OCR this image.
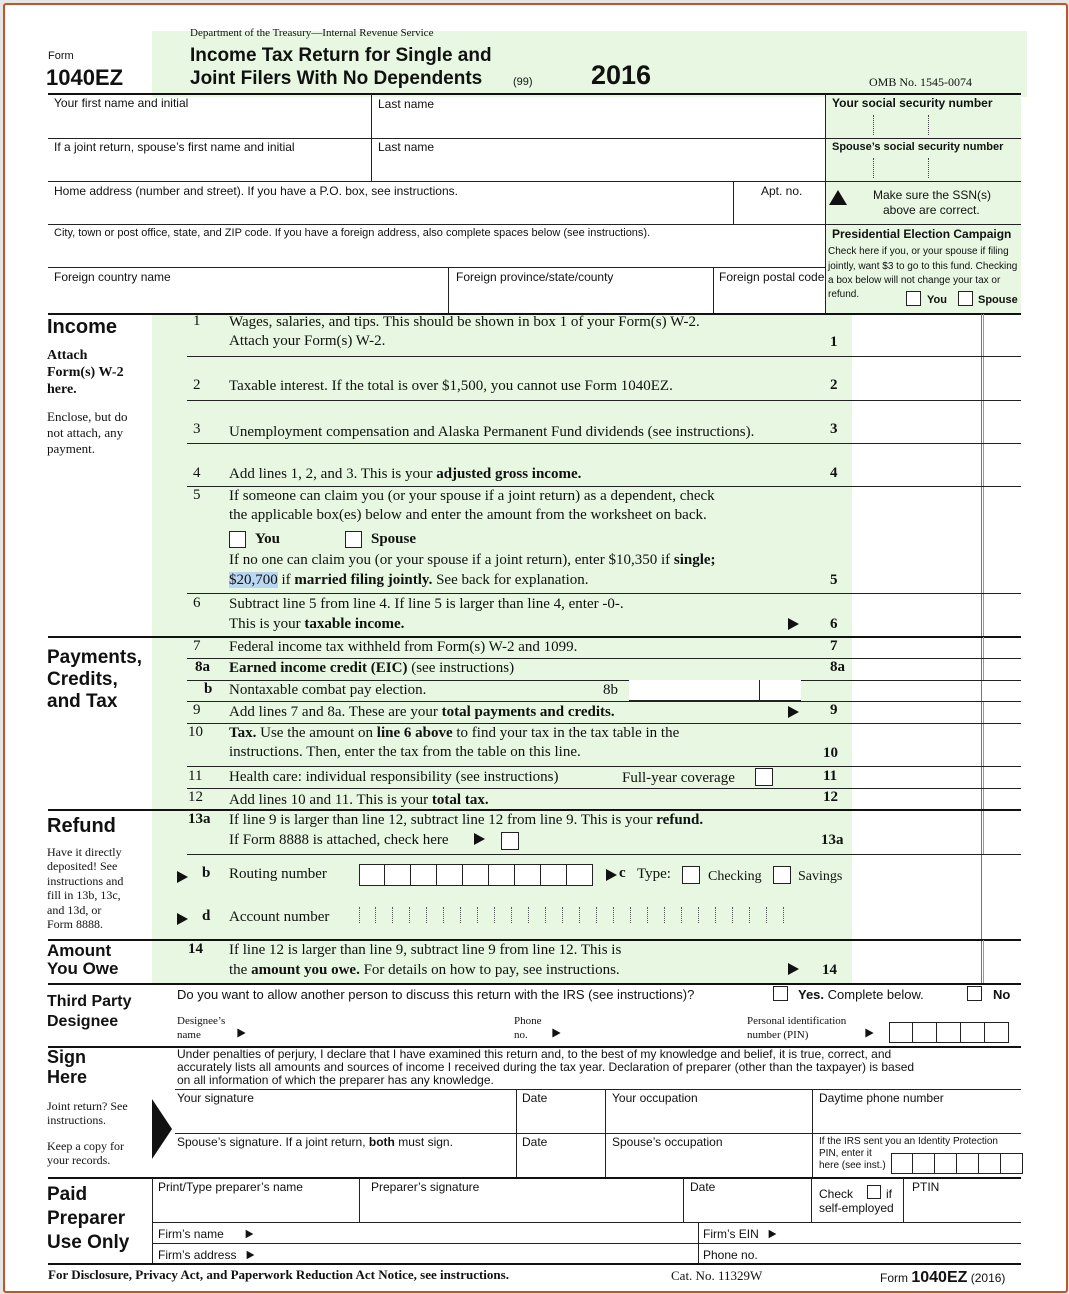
Form
1040EZ
Department of the Treasury—Internal Revenue Service
Income Tax Return for Single and
Joint Filers With No Dependents	(99) 2016	OMB No. 1545-0074
Your first name and initial	Last name	Your social security number
If a joint return, spouse’s first name and initial	Last name	Spouse’s social security number
Home address (number and street). If you have a P.O. box, see instructions.	Apt. no.	Make sure the SSN(s)
above are correct.
City, town or post office, state, and ZIP code. If you have a foreign address, also complete spaces below (see instructions).	Presidential Election Campaign
Check here if you, or your spouse if filing
jointly, want $3 to go to this fund. Checking
a box below will not change your tax or
refund.	You	Spouse
Foreign country name	Foreign province/state/county	Foreign postal code
Income
Attach
Form(s) W-2
here.
Enclose, but do
not attach, any
payment.
1 Wages, salaries, and tips. This should be shown in box 1 of your Form(s) W-2.
Attach your Form(s) W-2.	1
2 Taxable interest. If the total is over $1,500, you cannot use Form 1040EZ.	2
3 Unemployment compensation and Alaska Permanent Fund dividends (see instructions).	3
4 Add lines 1, 2, and 3. This is your adjusted gross income.	4
5 If someone can claim you (or your spouse if a joint return) as a dependent, check
the applicable box(es) below and enter the amount from the worksheet on back.
You	Spouse
If no one can claim you (or your spouse if a joint return), enter $10,350 if single;
$20,700 if married filing jointly. See back for explanation.	5
6 Subtract line 5 from line 4. If line 5 is larger than line 4, enter -0-.
This is your taxable income.	6
Payments,
Credits,
and Tax
7 Federal income tax withheld from Form(s) W-2 and 1099.	7
8a Earned income credit (EIC) (see instructions)	8a
b Nontaxable combat pay election.	8b
9 Add lines 7 and 8a. These are your total payments and credits.	9
10 Tax. Use the amount on line 6 above to find your tax in the tax table in the
instructions. Then, enter the tax from the table on this line.	10
11 Health care: individual responsibility (see instructions)	Full-year coverage	11
12 Add lines 10 and 11. This is your total tax.	12
Refund
Have it directly
deposited! See
instructions and
fill in 13b, 13c,
and 13d, or
Form 8888.
13a If line 9 is larger than line 12, subtract line 12 from line 9. This is your refund.
If Form 8888 is attached, check here	13a
b Routing number	c Type:	Checking	Savings
d Account number
Amount
You Owe
14 If line 12 is larger than line 9, subtract line 9 from line 12. This is
the amount you owe. For details on how to pay, see instructions.	14
Third Party
Designee
Do you want to allow another person to discuss this return with the IRS (see instructions)?	Yes. Complete below.	No
Designee’s
name
Phone
no.
Personal identification
number (PIN)
Sign
Here
Joint return? See
instructions.
Keep a copy for
your records.
Under penalties of perjury, I declare that I have examined this return and, to the best of my knowledge and belief, it is true, correct, and
accurately lists all amounts and sources of income I received during the tax year. Declaration of preparer (other than the taxpayer) is based
on all information of which the preparer has any knowledge.
Your signature	Date	Your occupation	Daytime phone number
Spouse’s signature. If a joint return, both must sign.	Date	Spouse’s occupation	If the IRS sent you an Identity Protection
PIN, enter it
here (see inst.)
Paid
Preparer
Use Only
Print/Type preparer’s name	Preparer’s signature	Date	Check	if
self-employed
PTIN
Firm’s name	Firm’s EIN
Firm’s address	Phone no.
For Disclosure, Privacy Act, and Paperwork Reduction Act Notice, see instructions.	Cat. No. 11329W	Form 1040EZ (2016)
